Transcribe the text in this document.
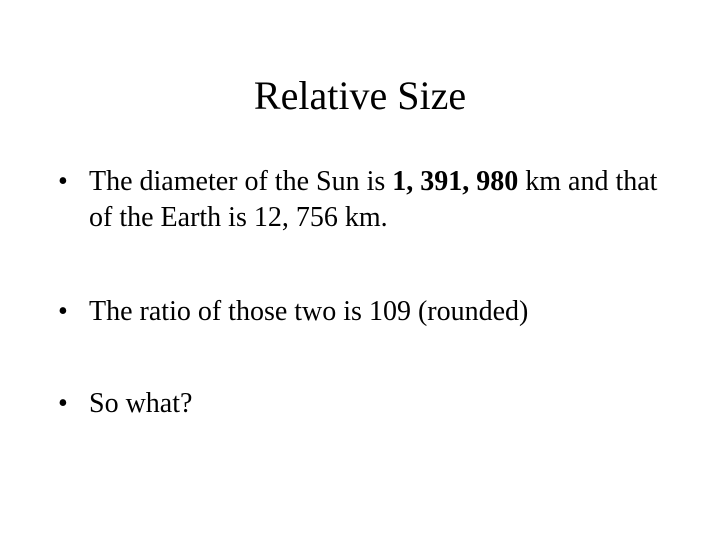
Relative Size
• The diameter of the Sun is 1, 391, 980 km and that of the Earth is 12, 756 km.
• The ratio of those two is 109 (rounded)
• So what?
